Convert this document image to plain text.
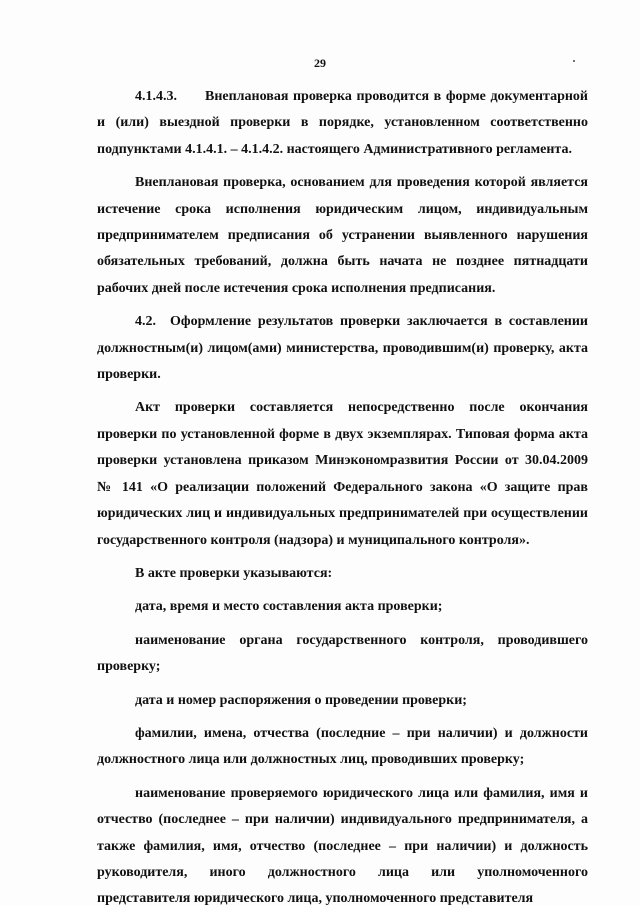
29

4.1.4.3.  Внеплановая проверка проводится в форме документарной и (или) выездной проверки в порядке, установленном соответственно подпунктами 4.1.4.1. – 4.1.4.2. настоящего Административного регламента.

Внеплановая проверка, основанием для проведения которой является истечение срока исполнения юридическим лицом, индивидуальным предпринимателем предписания об устранении выявленного нарушения обязательных требований, должна быть начата не позднее пятнадцати рабочих дней после истечения срока исполнения предписания.

4.2. Оформление результатов проверки заключается в составлении должностным(и) лицом(ами) министерства, проводившим(и) проверку, акта проверки.

Акт проверки составляется непосредственно после окончания проверки по установленной форме в двух экземплярах. Типовая форма акта проверки установлена приказом Минэкономразвития России от 30.04.2009 № 141 «О реализации положений Федерального закона «О защите прав юридических лиц и индивидуальных предпринимателей при осуществлении государственного контроля (надзора) и муниципального контроля».

В акте проверки указываются:

дата, время и место составления акта проверки;

наименование органа государственного контроля, проводившего проверку;

дата и номер распоряжения о проведении проверки;

фамилии, имена, отчества (последние – при наличии) и должности должностного лица или должностных лиц, проводивших проверку;

наименование проверяемого юридического лица или фамилия, имя и отчество (последнее – при наличии) индивидуального предпринимателя, а также фамилия, имя, отчество (последнее – при наличии) и должность руководителя, иного должностного лица или уполномоченного представителя юридического лица, уполномоченного представителя
